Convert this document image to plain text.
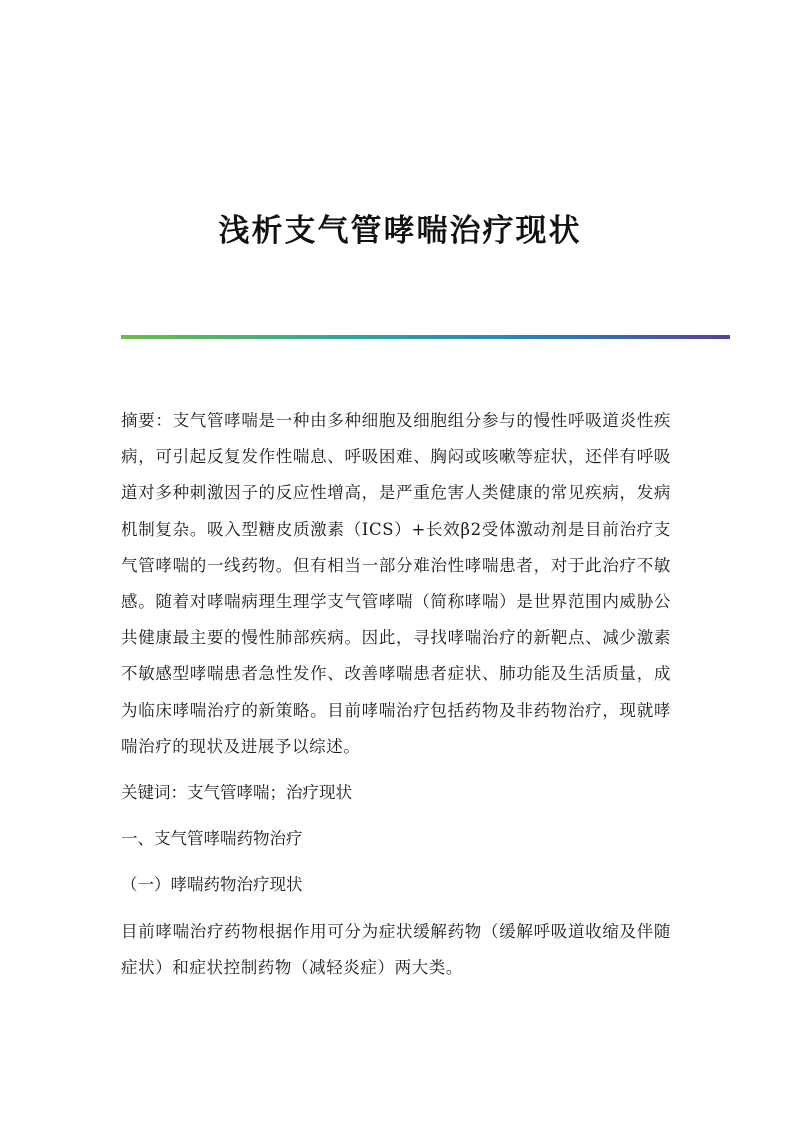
浅析支气管哮喘治疗现状

摘要：支气管哮喘是一种由多种细胞及细胞组分参与的慢性呼吸道炎性疾病，可引起反复发作性喘息、呼吸困难、胸闷或咳嗽等症状，还伴有呼吸道对多种刺激因子的反应性增高，是严重危害人类健康的常见疾病，发病机制复杂。吸入型糖皮质激素（ICS）+长效β2受体激动剂是目前治疗支气管哮喘的一线药物。但有相当一部分难治性哮喘患者，对于此治疗不敏感。随着对哮喘病理生理学支气管哮喘（简称哮喘）是世界范围内威胁公共健康最主要的慢性肺部疾病。因此，寻找哮喘治疗的新靶点、减少激素不敏感型哮喘患者急性发作、改善哮喘患者症状、肺功能及生活质量，成为临床哮喘治疗的新策略。目前哮喘治疗包括药物及非药物治疗，现就哮喘治疗的现状及进展予以综述。

关键词：支气管哮喘；治疗现状

一、支气管哮喘药物治疗

（一）哮喘药物治疗现状

目前哮喘治疗药物根据作用可分为症状缓解药物（缓解呼吸道收缩及伴随症状）和症状控制药物（减轻炎症）两大类。
